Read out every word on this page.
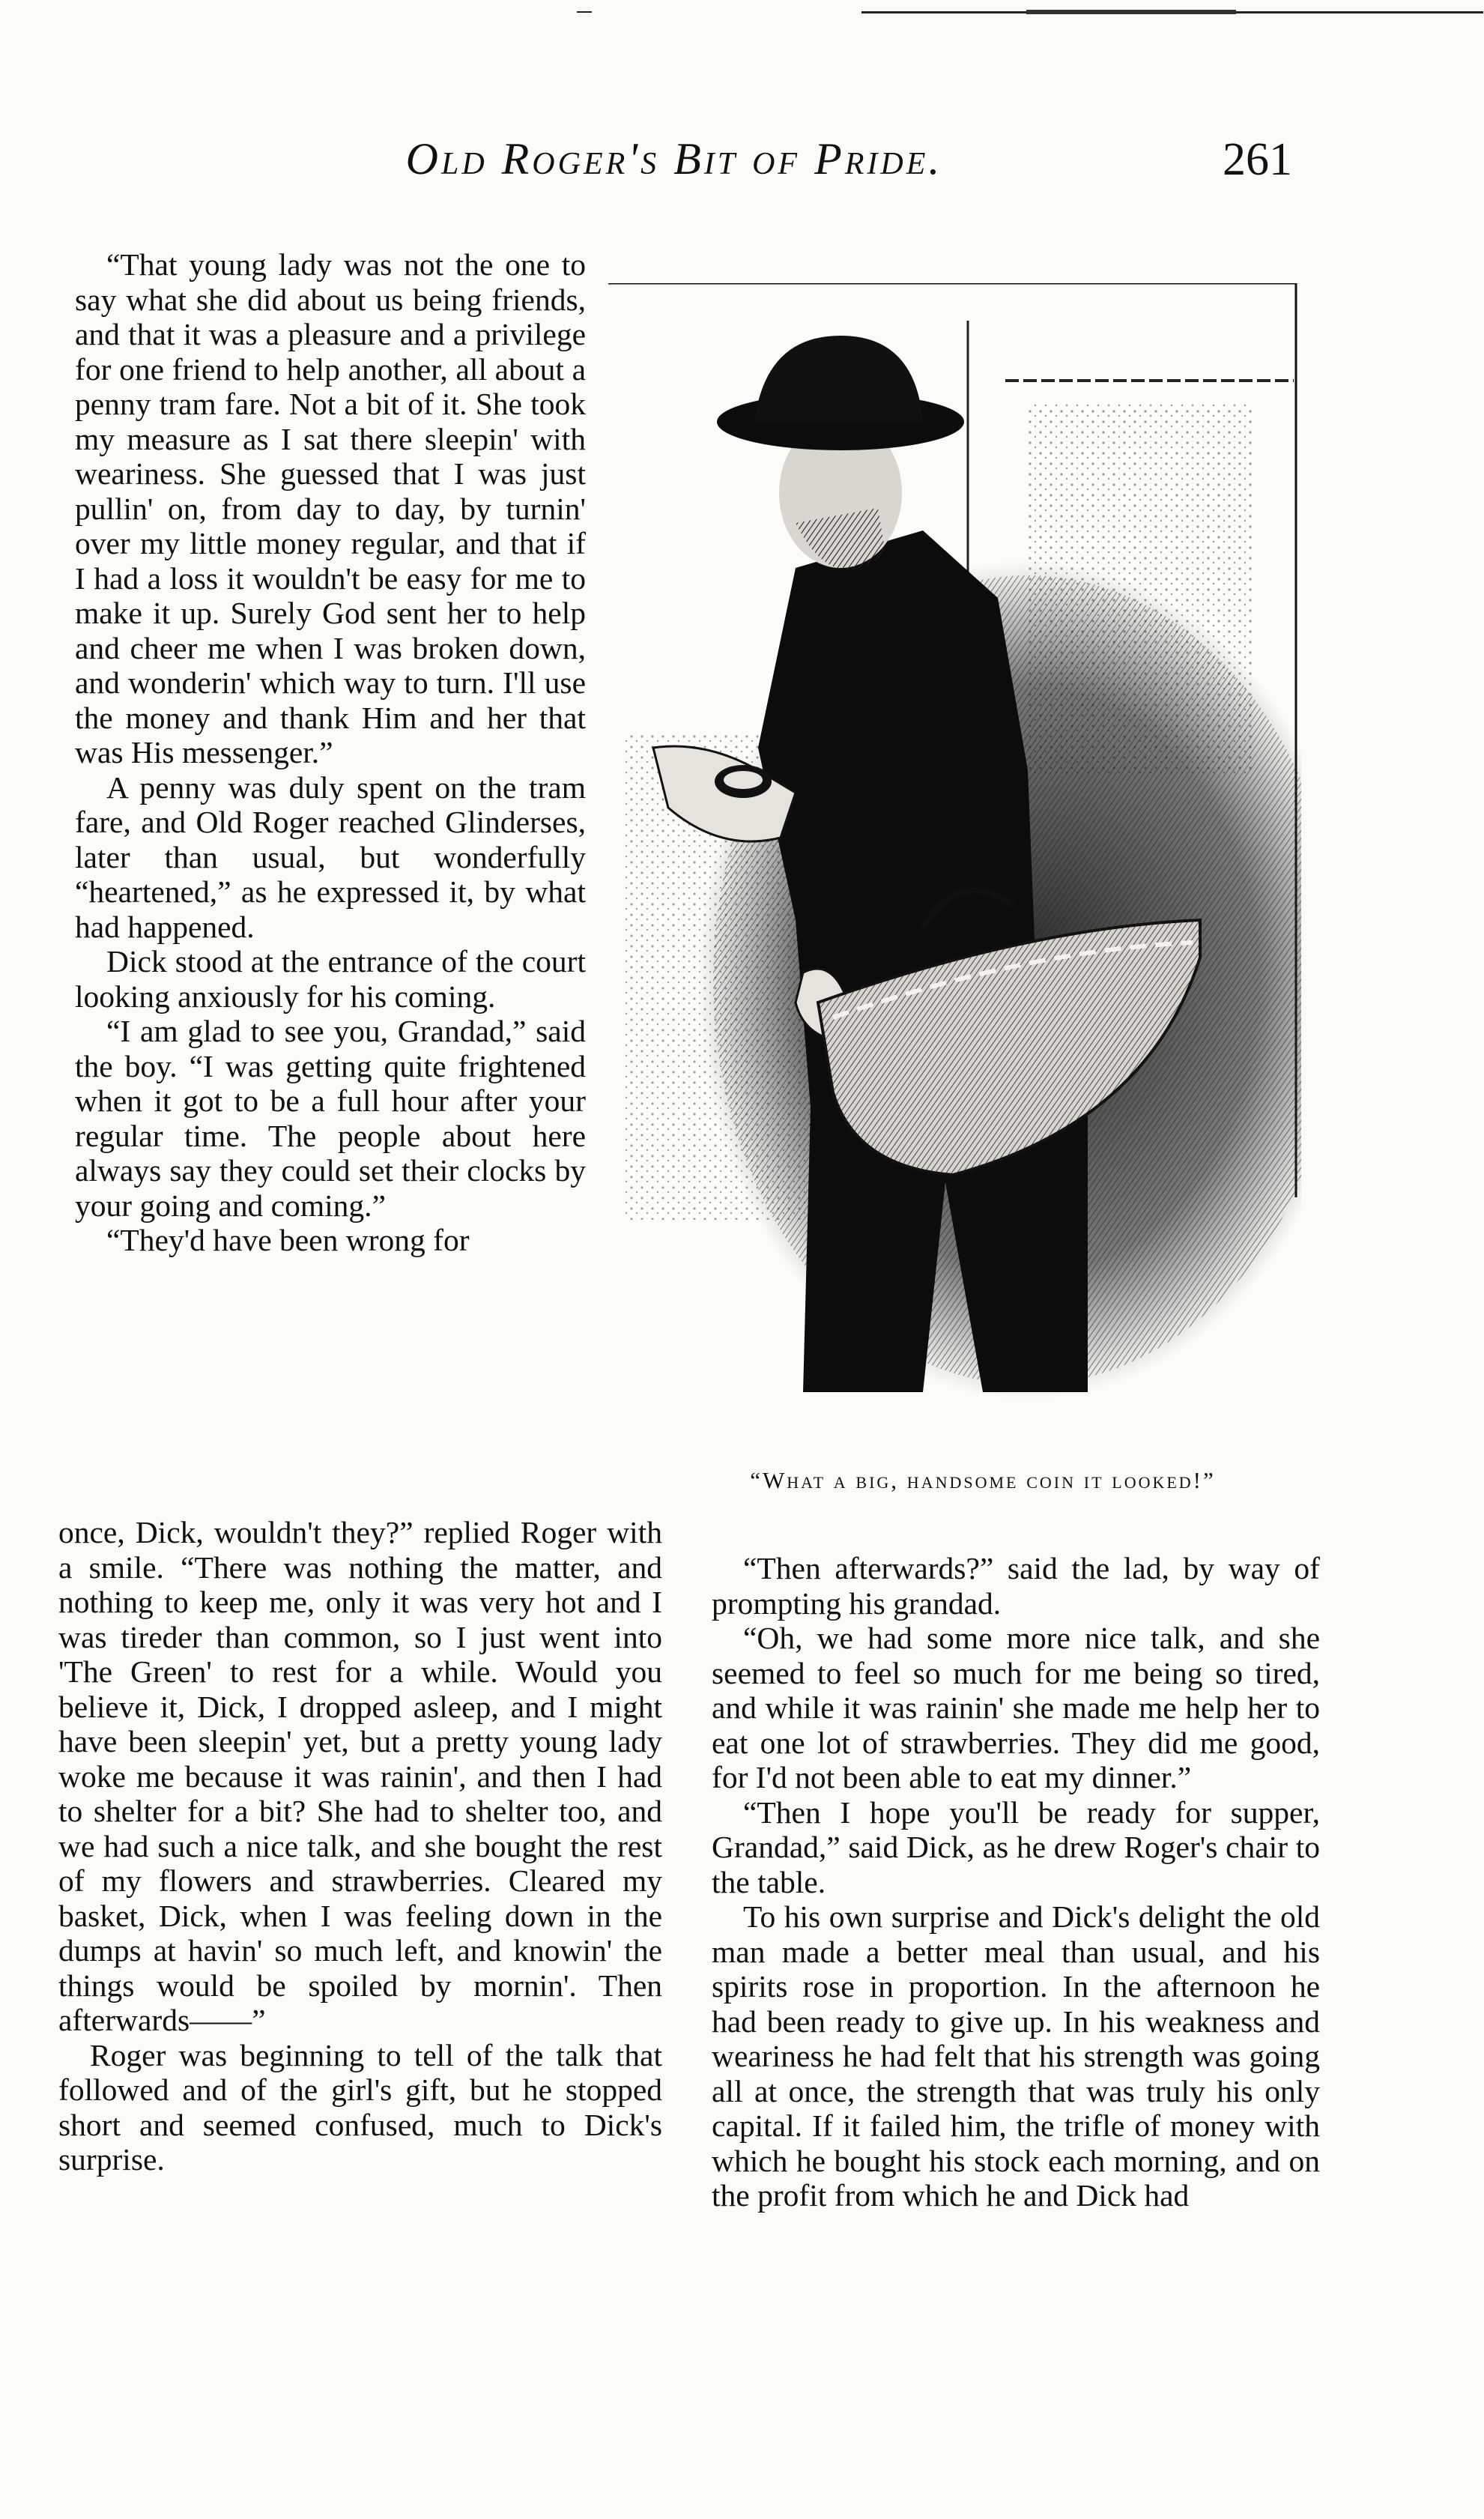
Old Roger's Bit of Pride.	261

“That young lady was not the one to say what she did about us being friends, and that it was a pleasure and a privilege for one friend to help another, all about a penny tram fare. Not a bit of it. She took my measure as I sat there sleepin' with weariness. She guessed that I was just pullin' on, from day to day, by turnin' over my little money regular, and that if I had a loss it wouldn't be easy for me to make it up. Surely God sent her to help and cheer me when I was broken down, and wonderin' which way to turn. I'll use the money and thank Him and her that was His messenger.”

A penny was duly spent on the tram fare, and Old Roger reached Glinderses, later than usual, but wonderfully “heartened,” as he expressed it, by what had happened.

Dick stood at the entrance of the court looking anxiously for his coming.

“I am glad to see you, Grandad,” said the boy. “I was getting quite frightened when it got to be a full hour after your regular time. The people about here always say they could set their clocks by your going and coming.”

“They'd have been wrong for

once, Dick, wouldn't they?” replied Roger with a smile. “There was nothing the matter, and nothing to keep me, only it was very hot and I was tireder than common, so I just went into 'The Green' to rest for a while. Would you believe it, Dick, I dropped asleep, and I might have been sleepin' yet, but a pretty young lady woke me because it was rainin', and then I had to shelter for a bit? She had to shelter too, and we had such a nice talk, and she bought the rest of my flowers and strawberries. Cleared my basket, Dick, when I was feeling down in the dumps at havin' so much left, and knowin' the things would be spoiled by mornin'. Then afterwards——”

Roger was beginning to tell of the talk that followed and of the girl's gift, but he stopped short and seemed confused, much to Dick's surprise.

“What a big, handsome coin it looked!”

“Then afterwards?” said the lad, by way of prompting his grandad.

“Oh, we had some more nice talk, and she seemed to feel so much for me being so tired, and while it was rainin' she made me help her to eat one lot of strawberries. They did me good, for I'd not been able to eat my dinner.”

“Then I hope you'll be ready for supper, Grandad,” said Dick, as he drew Roger's chair to the table.

To his own surprise and Dick's delight the old man made a better meal than usual, and his spirits rose in proportion. In the afternoon he had been ready to give up. In his weakness and weariness he had felt that his strength was going all at once, the strength that was truly his only capital. If it failed him, the trifle of money with which he bought his stock each morning, and on the profit from which he and Dick had
